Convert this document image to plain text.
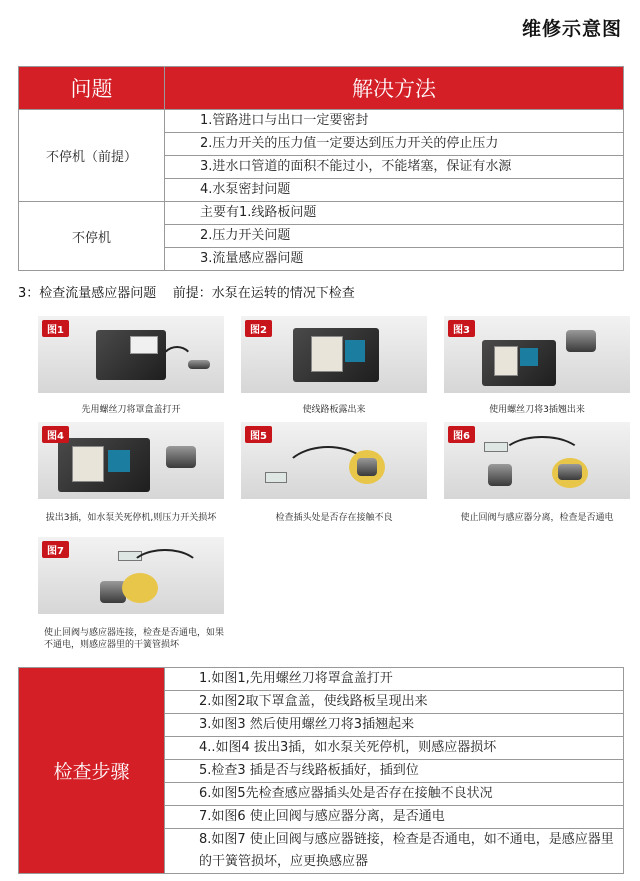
维修示意图
问题	解决方法
不停机（前提）	1.管路进口与出口一定要密封
	2.压力开关的压力值一定要达到压力开关的停止压力
	3.进水口管道的面积不能过小，不能堵塞，保证有水源
	4.水泵密封问题
不停机	主要有1.线路板问题
	2.压力开关问题
	3.流量感应器问题
3：检查流量感应器问题    前提：水泵在运转的情况下检查
图1
先用螺丝刀将罩盒盖打开
图2
使线路板露出来
图3
使用螺丝刀将3插翘出来
图4
拔出3插，如水泵关死停机,则压力开关损坏
图5
检查插头处是否存在接触不良
图6
使止回阀与感应器分离，检查是否通电
图7
使止回阀与感应器连接，检查是否通电，如果不通电，则感应器里的干簧管损坏
检查步骤	1.如图1,先用螺丝刀将罩盒盖打开
2.如图2取下罩盒盖，使线路板呈现出来
3.如图3 然后使用螺丝刀将3插翘起来
4..如图4 拔出3插，如水泵关死停机，则感应器损坏
5.检查3 插是否与线路板插好，插到位
6.如图5先检查感应器插头处是否存在接触不良状况
7.如图6 使止回阀与感应器分离，是否通电
8.如图7 使止回阀与感应器链接，检查是否通电，如不通电，是感应器里的干簧管损坏，应更换感应器
